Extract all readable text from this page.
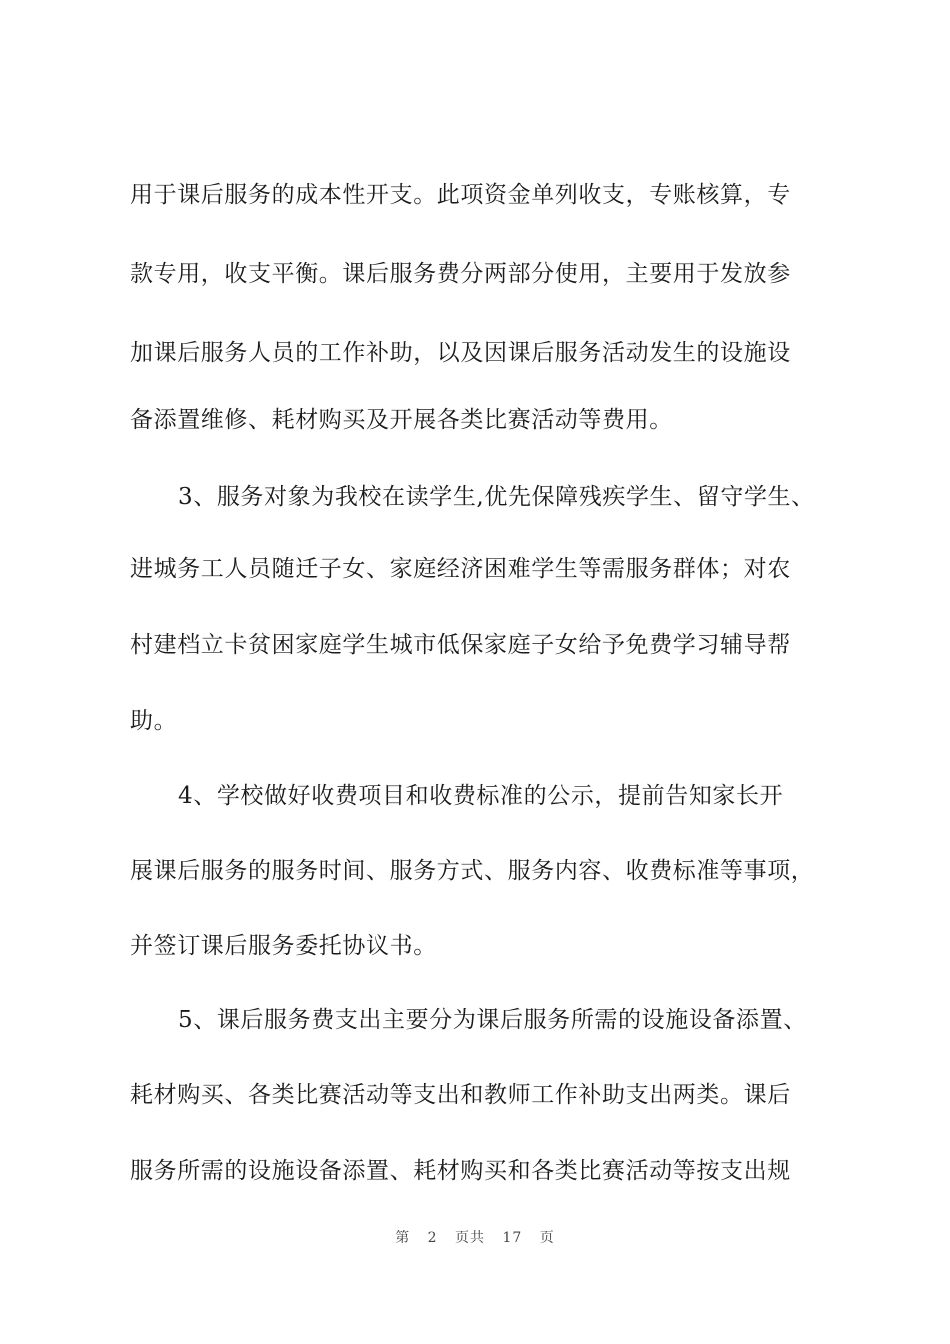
用于课后服务的成本性开支。此项资金单列收支，专账核算，专
款专用，收支平衡。课后服务费分两部分使用，主要用于发放参
加课后服务人员的工作补助，以及因课后服务活动发生的设施设
备添置维修、耗材购买及开展各类比赛活动等费用。
3、服务对象为我校在读学生,优先保障残疾学生、留守学生、
进城务工人员随迁子女、家庭经济困难学生等需服务群体；对农
村建档立卡贫困家庭学生城市低保家庭子女给予免费学习辅导帮
助。
4、学校做好收费项目和收费标准的公示，提前告知家长开
展课后服务的服务时间、服务方式、服务内容、收费标准等事项，
并签订课后服务委托协议书。
5、课后服务费支出主要分为课后服务所需的设施设备添置、
耗材购买、各类比赛活动等支出和教师工作补助支出两类。课后
服务所需的设施设备添置、耗材购买和各类比赛活动等按支出规
第 2 页共 17 页
